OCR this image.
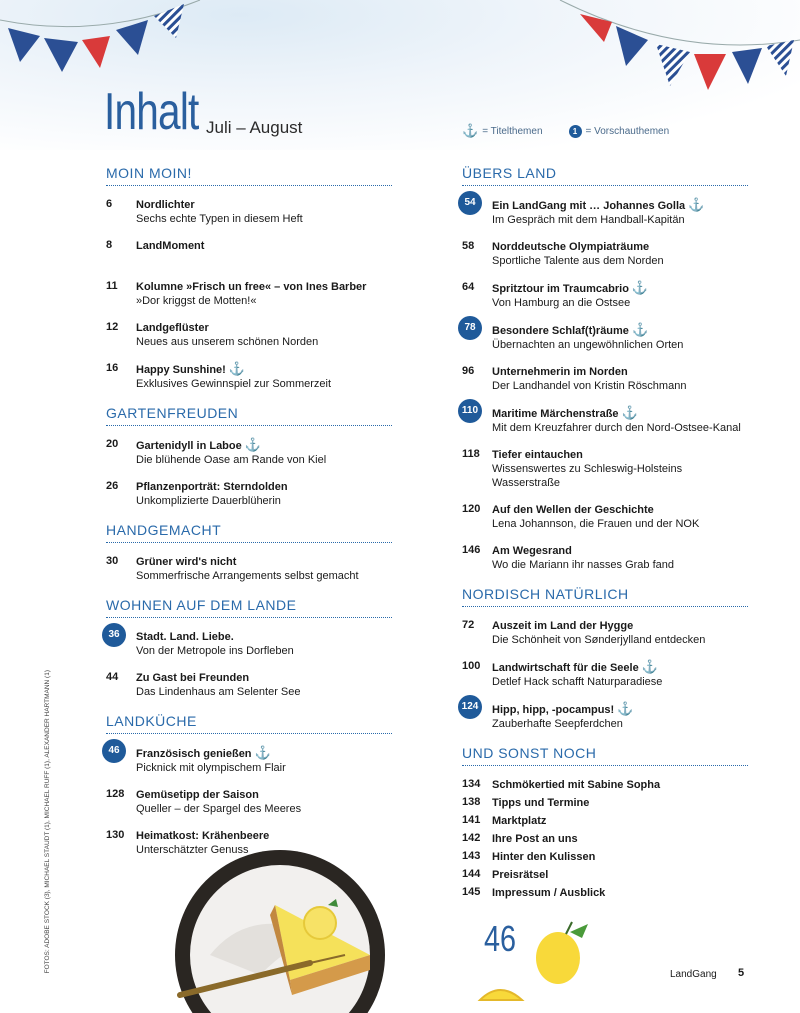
Inhalt Juli – August	⚓ = Titelthemen	1 = Vorschauthemen
MOIN MOIN!
6	Nordlichter
Sechs echte Typen in diesem Heft
8	LandMoment
11	Kolumne »Frisch un free« – von Ines Barber
»Dor kriggst de Motten!«
12	Landgeflüster
Neues aus unserem schönen Norden
16	Happy Sunshine! ⚓
Exklusives Gewinnspiel zur Sommerzeit
GARTENFREUDEN
20	Gartenidyll in Laboe ⚓
Die blühende Oase am Rande von Kiel
26	Pflanzenporträt: Sterndolden
Unkomplizierte Dauerblüherin
HANDGEMACHT
30	Grüner wird's nicht
Sommerfrische Arrangements selbst gemacht
WOHNEN AUF DEM LANDE
36	Stadt. Land. Liebe.
Von der Metropole ins Dorfleben
44	Zu Gast bei Freunden
Das Lindenhaus am Selenter See
LANDKÜCHE
46	Französisch genießen ⚓
Picknick mit olympischem Flair
128	Gemüsetipp der Saison
Queller – der Spargel des Meeres
130	Heimatkost: Krähenbeere
Unterschätzter Genuss
ÜBERS LAND
54	Ein LandGang mit … Johannes Golla ⚓
Im Gespräch mit dem Handball-Kapitän
58	Norddeutsche Olympiaträume
Sportliche Talente aus dem Norden
64	Spritztour im Traumcabrio ⚓
Von Hamburg an die Ostsee
78	Besondere Schlaf(t)räume ⚓
Übernachten an ungewöhnlichen Orten
96	Unternehmerin im Norden
Der Landhandel von Kristin Röschmann
110	Maritime Märchenstraße ⚓
Mit dem Kreuzfahrer durch den Nord-Ostsee-Kanal
118	Tiefer eintauchen
Wissenswertes zu Schleswig-Holsteins Wasserstraße
120	Auf den Wellen der Geschichte
Lena Johannson, die Frauen und der NOK
146	Am Wegesrand
Wo die Mariann ihr nasses Grab fand
NORDISCH NATÜRLICH
72	Auszeit im Land der Hygge
Die Schönheit von Sønderjylland entdecken
100	Landwirtschaft für die Seele ⚓
Detlef Hack schafft Naturparadiese
124	Hipp, hipp, -pocampus! ⚓
Zauberhafte Seepferdchen
UND SONST NOCH
134	Schmökertied mit Sabine Sopha
138	Tipps und Termine
141	Marktplatz
142	Ihre Post an uns
143	Hinter den Kulissen
144	Preisrätsel
145	Impressum / Ausblick
FOTOS: ADOBE STOCK (3), MICHAEL STAUDT (1), MICHAEL RUFF (1), ALEXANDER HARTMANN (1)	46
LandGang 5
